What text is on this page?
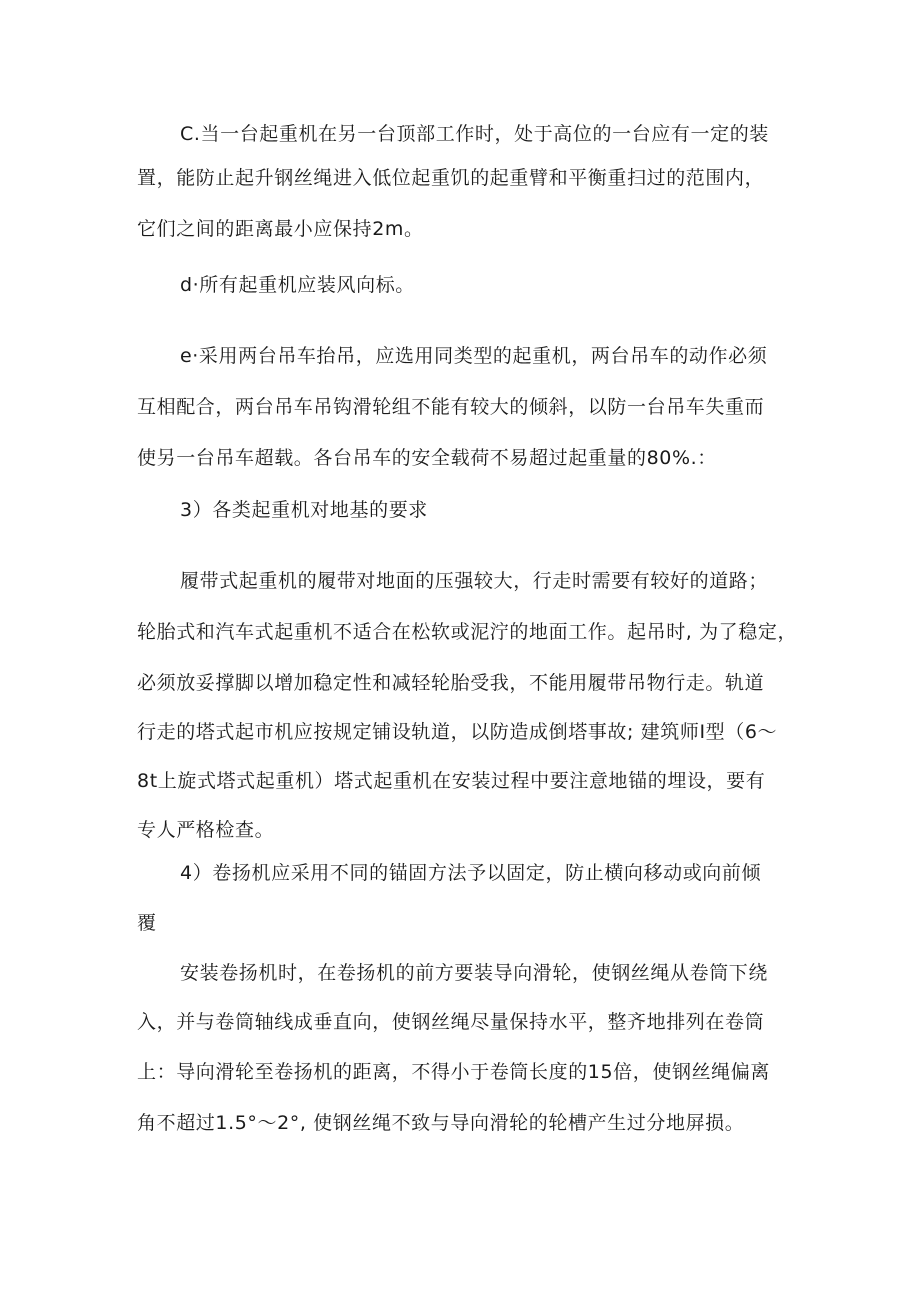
C.当一台起重机在另一台顶部工作时，处于高位的一台应有一定的装
置，能防止起升钢丝绳进入低位起重饥的起重臂和平衡重扫过的范围内，
它们之间的距离最小应保持2m。
d·所有起重机应装风向标。
e·采用两台吊车抬吊，应选用同类型的起重机，两台吊车的动作必须
互相配合，两台吊车吊钩滑轮组不能有较大的倾斜，以防一台吊车失重而
使另一台吊车超载。各台吊车的安全载荷不易超过起重量的80%.：
3）各类起重机对地基的要求
履带式起重机的履带对地面的压强较大，行走时需要有较好的道路；
轮胎式和汽车式起重机不适合在松软或泥泞的地面工作。起吊时, 为了稳定，
必须放妥撑脚以增加稳定性和减轻轮胎受我，不能用履带吊物行走。轨道
行走的塔式起市机应按规定铺设轨道，以防造成倒塔事故; 建筑师Ⅰ型（6～
8t上旋式塔式起重机）塔式起重机在安装过程中要注意地锚的埋设，要有
专人严格检查。
4）卷扬机应采用不同的锚固方法予以固定，防止横向移动或向前倾
覆
安装卷扬机时，在卷扬机的前方要装导向滑轮，使钢丝绳从卷筒下绕
入，并与卷筒轴线成垂直向，使钢丝绳尽量保持水平，整齐地排列在卷筒
上：导向滑轮至卷扬机的距离，不得小于卷筒长度的15倍，使钢丝绳偏离
角不超过1.5°～2°, 使钢丝绳不致与导向滑轮的轮槽产生过分地屏损。
